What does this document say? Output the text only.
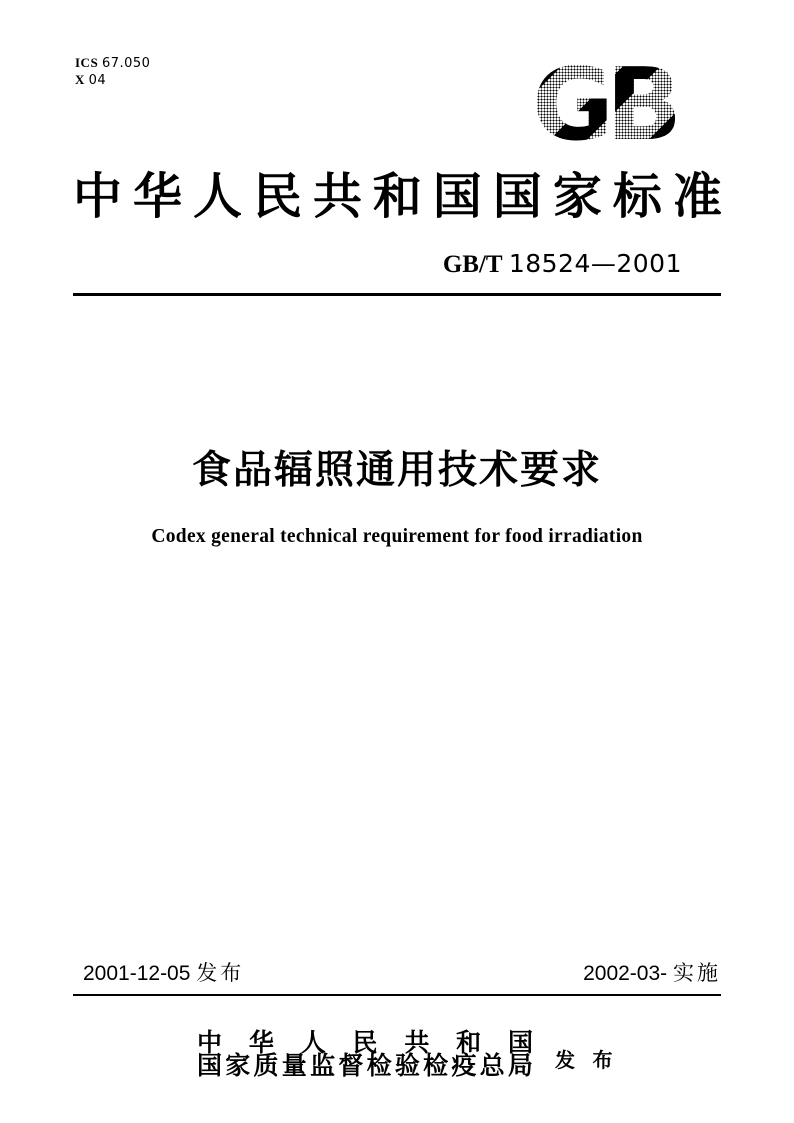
ICS 67.050
X 04	GB
中 华 人 民 共 和 国 国 家 标 准
GB/T 18524—2001
食品辐照通用技术要求
Codex general technical requirement for food irradiation
2001-12-05 发布	2002-03- 实施
中 华 人 民 共 和 国
国 家 质 量 监 督 检 验 检 疫 总 局 发 布
